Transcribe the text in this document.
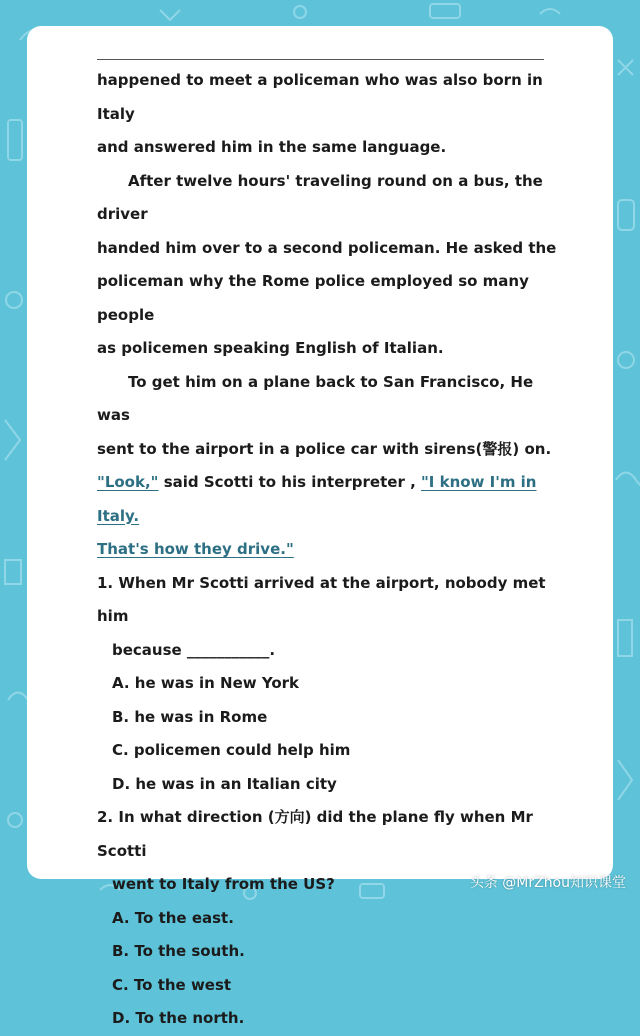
happened to meet a policeman who was also born in Italy

and answered him in the same language.

After twelve hours' traveling round on a bus, the driver

handed him over to a second policeman. He asked the

policeman why the Rome police employed so many people

as policemen speaking English of Italian.

To get him on a plane back to San Francisco, He was

sent to the airport in a police car with sirens(警报) on.

"Look," said Scotti to his interpreter , "I know I'm in Italy.

That's how they drive."

1. When Mr Scotti arrived at the airport, nobody met him

because ___________.

A. he was in New York

B. he was in Rome

C. policemen could help him

D. he was in an Italian city

2. In what direction (方向) did the plane fly when Mr Scotti

went to Italy from the US?

A. To the east.

B. To the south.

C. To the west

D. To the north.

头条 @MrZhou知识课堂
